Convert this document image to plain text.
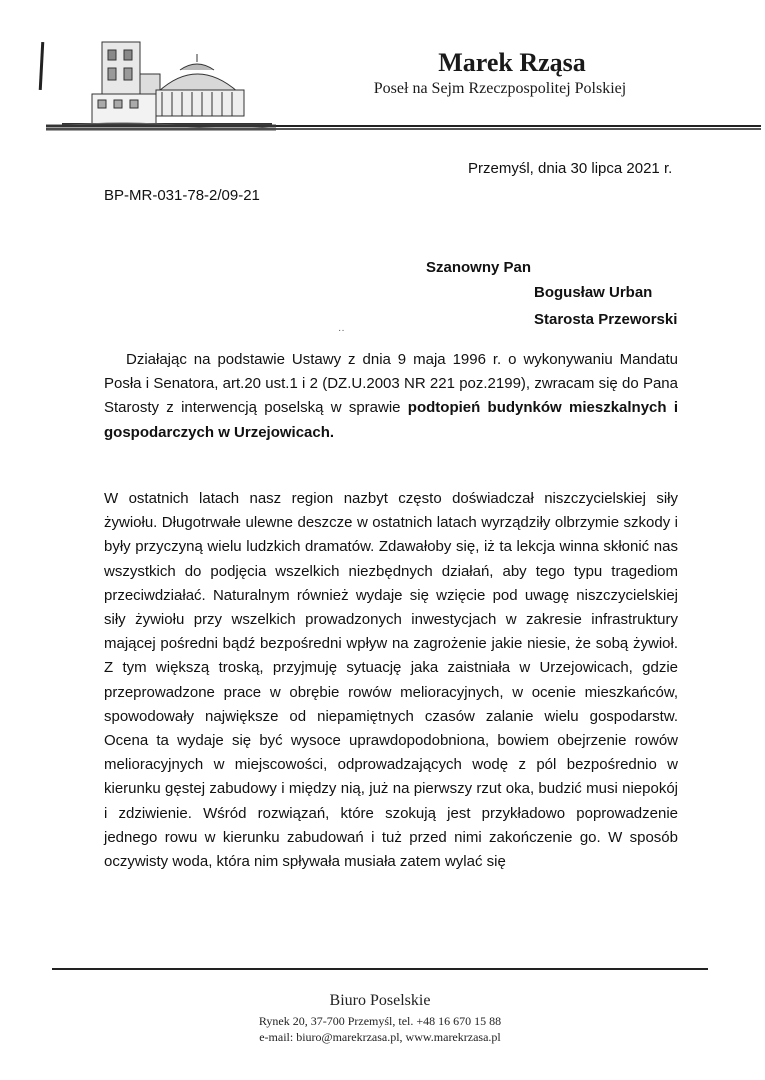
Marek Rząsa
Poseł na Sejm Rzeczpospolitej Polskiej
Przemyśl, dnia 30 lipca 2021 r.
BP-MR-031-78-2/09-21
Szanowny Pan
Bogusław Urban
Starosta Przeworski
··
Działając na podstawie Ustawy z dnia 9 maja 1996 r. o wykonywaniu Mandatu Posła i Senatora, art.20 ust.1 i 2 (DZ.U.2003 NR 221 poz.2199), zwracam się do Pana Starosty z interwencją poselską w sprawie podtopień budynków mieszkalnych i gospodarczych w Urzejowicach.
W ostatnich latach nasz region nazbyt często doświadczał niszczycielskiej siły żywiołu. Długotrwałe ulewne deszcze w ostatnich latach wyrządziły olbrzymie szkody i były przyczyną wielu ludzkich dramatów. Zdawałoby się, iż ta lekcja winna skłonić nas wszystkich do podjęcia wszelkich niezbędnych działań, aby tego typu tragediom przeciwdziałać. Naturalnym również wydaje się wzięcie pod uwagę niszczycielskiej siły żywiołu przy wszelkich prowadzonych inwestycjach w zakresie infrastruktury mającej pośredni bądź bezpośredni wpływ na zagrożenie jakie niesie, że sobą żywioł. Z tym większą troską, przyjmuję sytuację jaka zaistniała w Urzejowicach, gdzie przeprowadzone prace w obrębie rowów melioracyjnych, w ocenie mieszkańców, spowodowały największe od niepamiętnych czasów zalanie wielu gospodarstw. Ocena ta wydaje się być wysoce uprawdopodobniona, bowiem obejrzenie rowów melioracyjnych w miejscowości, odprowadzających wodę z pól bezpośrednio w kierunku gęstej zabudowy i między nią, już na pierwszy rzut oka, budzić musi niepokój i zdziwienie. Wśród rozwiązań, które szokują jest przykładowo poprowadzenie jednego rowu w kierunku zabudowań i tuż przed nimi zakończenie go. W sposób oczywisty woda, która nim spływała musiała zatem wylać się
Biuro Poselskie
Rynek 20, 37-700 Przemyśl, tel. +48 16 670 15 88
e-mail: biuro@marekrzasa.pl, www.marekrzasa.pl
